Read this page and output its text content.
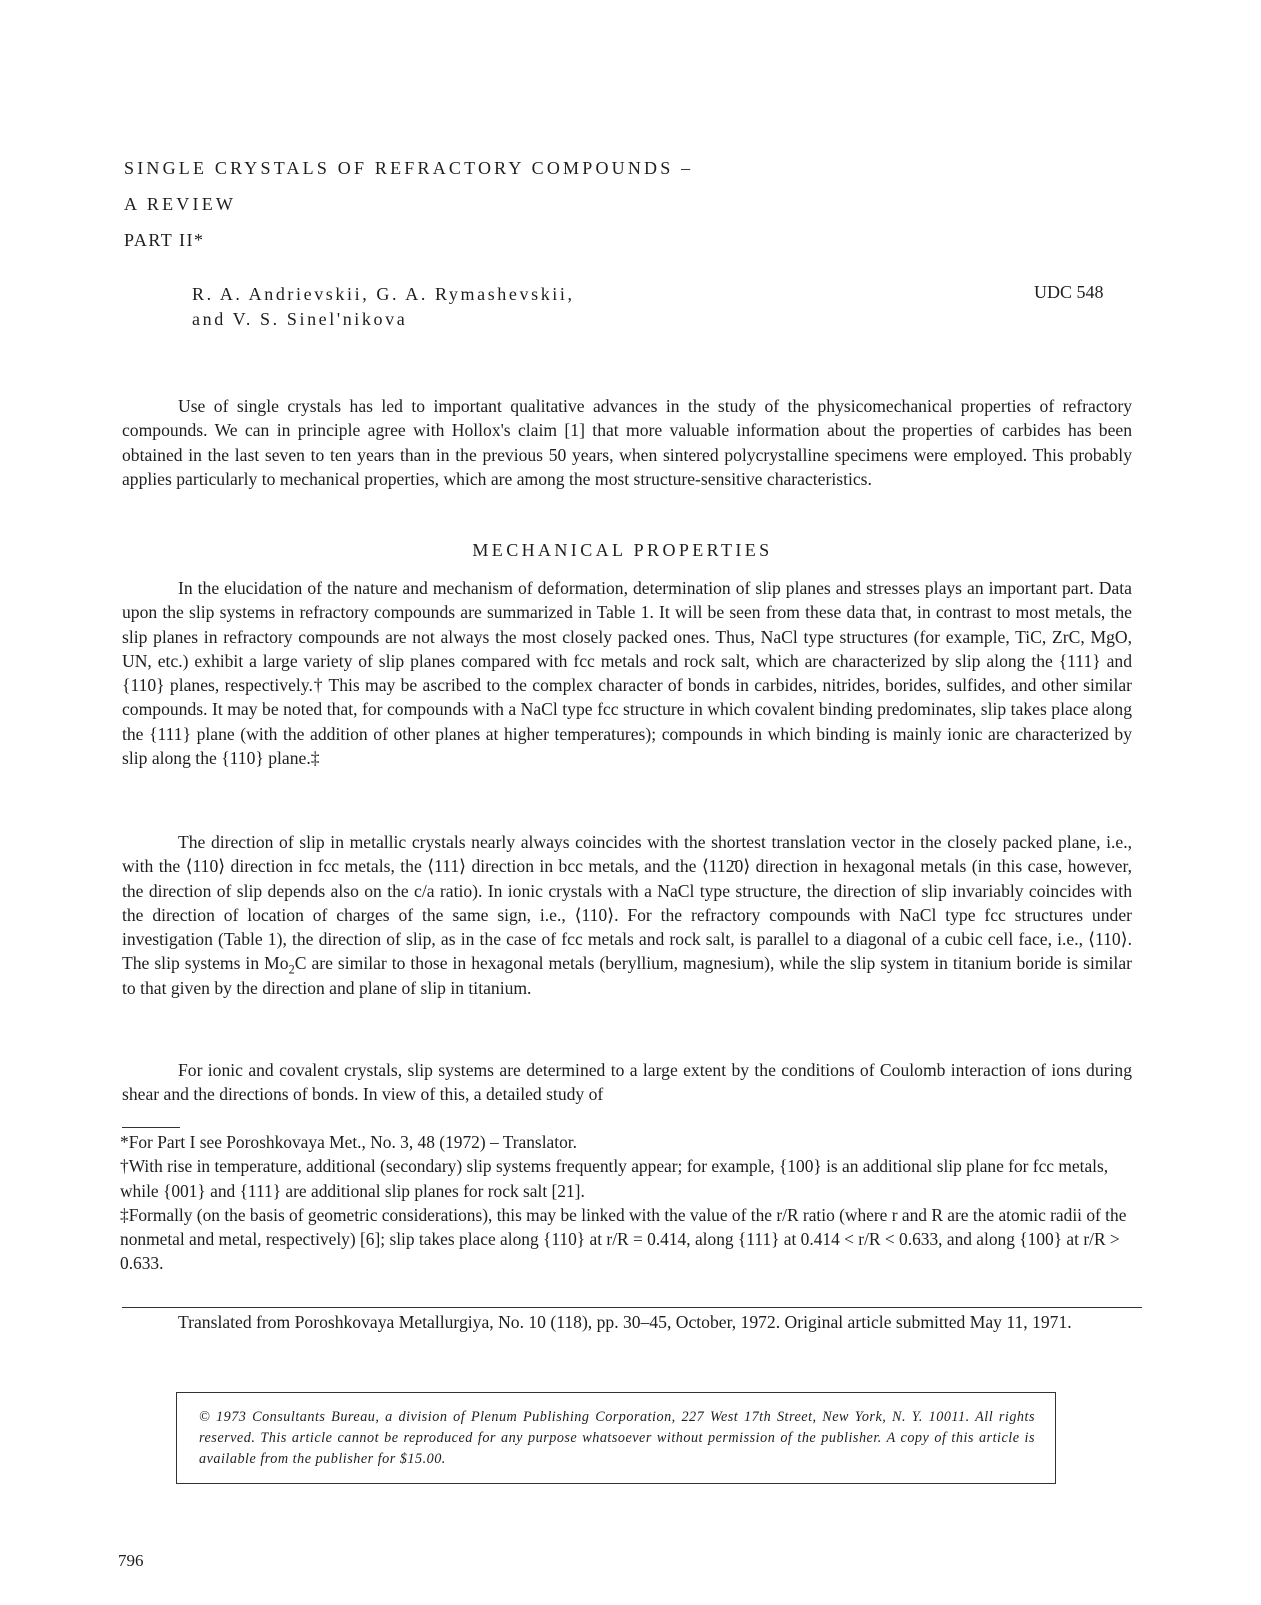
SINGLE CRYSTALS OF REFRACTORY COMPOUNDS –
A REVIEW
PART II*
R. A. Andrievskii, G. A. Rymashevskii,
and V. S. Sinel'nikova
UDC 548
Use of single crystals has led to important qualitative advances in the study of the physicomechanical properties of refractory compounds. We can in principle agree with Hollox's claim [1] that more valuable information about the properties of carbides has been obtained in the last seven to ten years than in the previous 50 years, when sintered polycrystalline specimens were employed. This probably applies particularly to mechanical properties, which are among the most structure-sensitive characteristics.
MECHANICAL PROPERTIES
In the elucidation of the nature and mechanism of deformation, determination of slip planes and stresses plays an important part. Data upon the slip systems in refractory compounds are summarized in Table 1. It will be seen from these data that, in contrast to most metals, the slip planes in refractory compounds are not always the most closely packed ones. Thus, NaCl type structures (for example, TiC, ZrC, MgO, UN, etc.) exhibit a large variety of slip planes compared with fcc metals and rock salt, which are characterized by slip along the {111} and {110} planes, respectively.† This may be ascribed to the complex character of bonds in carbides, nitrides, borides, sulfides, and other similar compounds. It may be noted that, for compounds with a NaCl type fcc structure in which covalent binding predominates, slip takes place along the {111} plane (with the addition of other planes at higher temperatures); compounds in which binding is mainly ionic are characterized by slip along the {110} plane.‡
The direction of slip in metallic crystals nearly always coincides with the shortest translation vector in the closely packed plane, i.e., with the ⟨110⟩ direction in fcc metals, the ⟨111⟩ direction in bcc metals, and the ⟨112̄0⟩ direction in hexagonal metals (in this case, however, the direction of slip depends also on the c/a ratio). In ionic crystals with a NaCl type structure, the direction of slip invariably coincides with the direction of location of charges of the same sign, i.e., ⟨110⟩. For the refractory compounds with NaCl type fcc structures under investigation (Table 1), the direction of slip, as in the case of fcc metals and rock salt, is parallel to a diagonal of a cubic cell face, i.e., ⟨110⟩. The slip systems in $Mo_2C$ are similar to those in hexagonal metals (beryllium, magnesium), while the slip system in titanium boride is similar to that given by the direction and plane of slip in titanium.
For ionic and covalent crystals, slip systems are determined to a large extent by the conditions of Coulomb interaction of ions during shear and the directions of bonds. In view of this, a detailed study of

*For Part I see Poroshkovaya Met., No. 3, 48 (1972) – Translator.

†With rise in temperature, additional (secondary) slip systems frequently appear; for example, {100} is an additional slip plane for fcc metals, while {001} and {111} are additional slip planes for rock salt [21].

‡Formally (on the basis of geometric considerations), this may be linked with the value of the r/R ratio (where r and R are the atomic radii of the nonmetal and metal, respectively) [6]; slip takes place along {110} at r/R = 0.414, along {111} at 0.414 < r/R < 0.633, and along {100} at r/R > 0.633.

Translated from Poroshkovaya Metallurgiya, No. 10 (118), pp. 30–45, October, 1972. Original article submitted May 11, 1971.
© 1973 Consultants Bureau, a division of Plenum Publishing Corporation, 227 West 17th Street, New York, N. Y. 10011. All rights reserved. This article cannot be reproduced for any purpose whatsoever without permission of the publisher. A copy of this article is available from the publisher for $15.00.
796
